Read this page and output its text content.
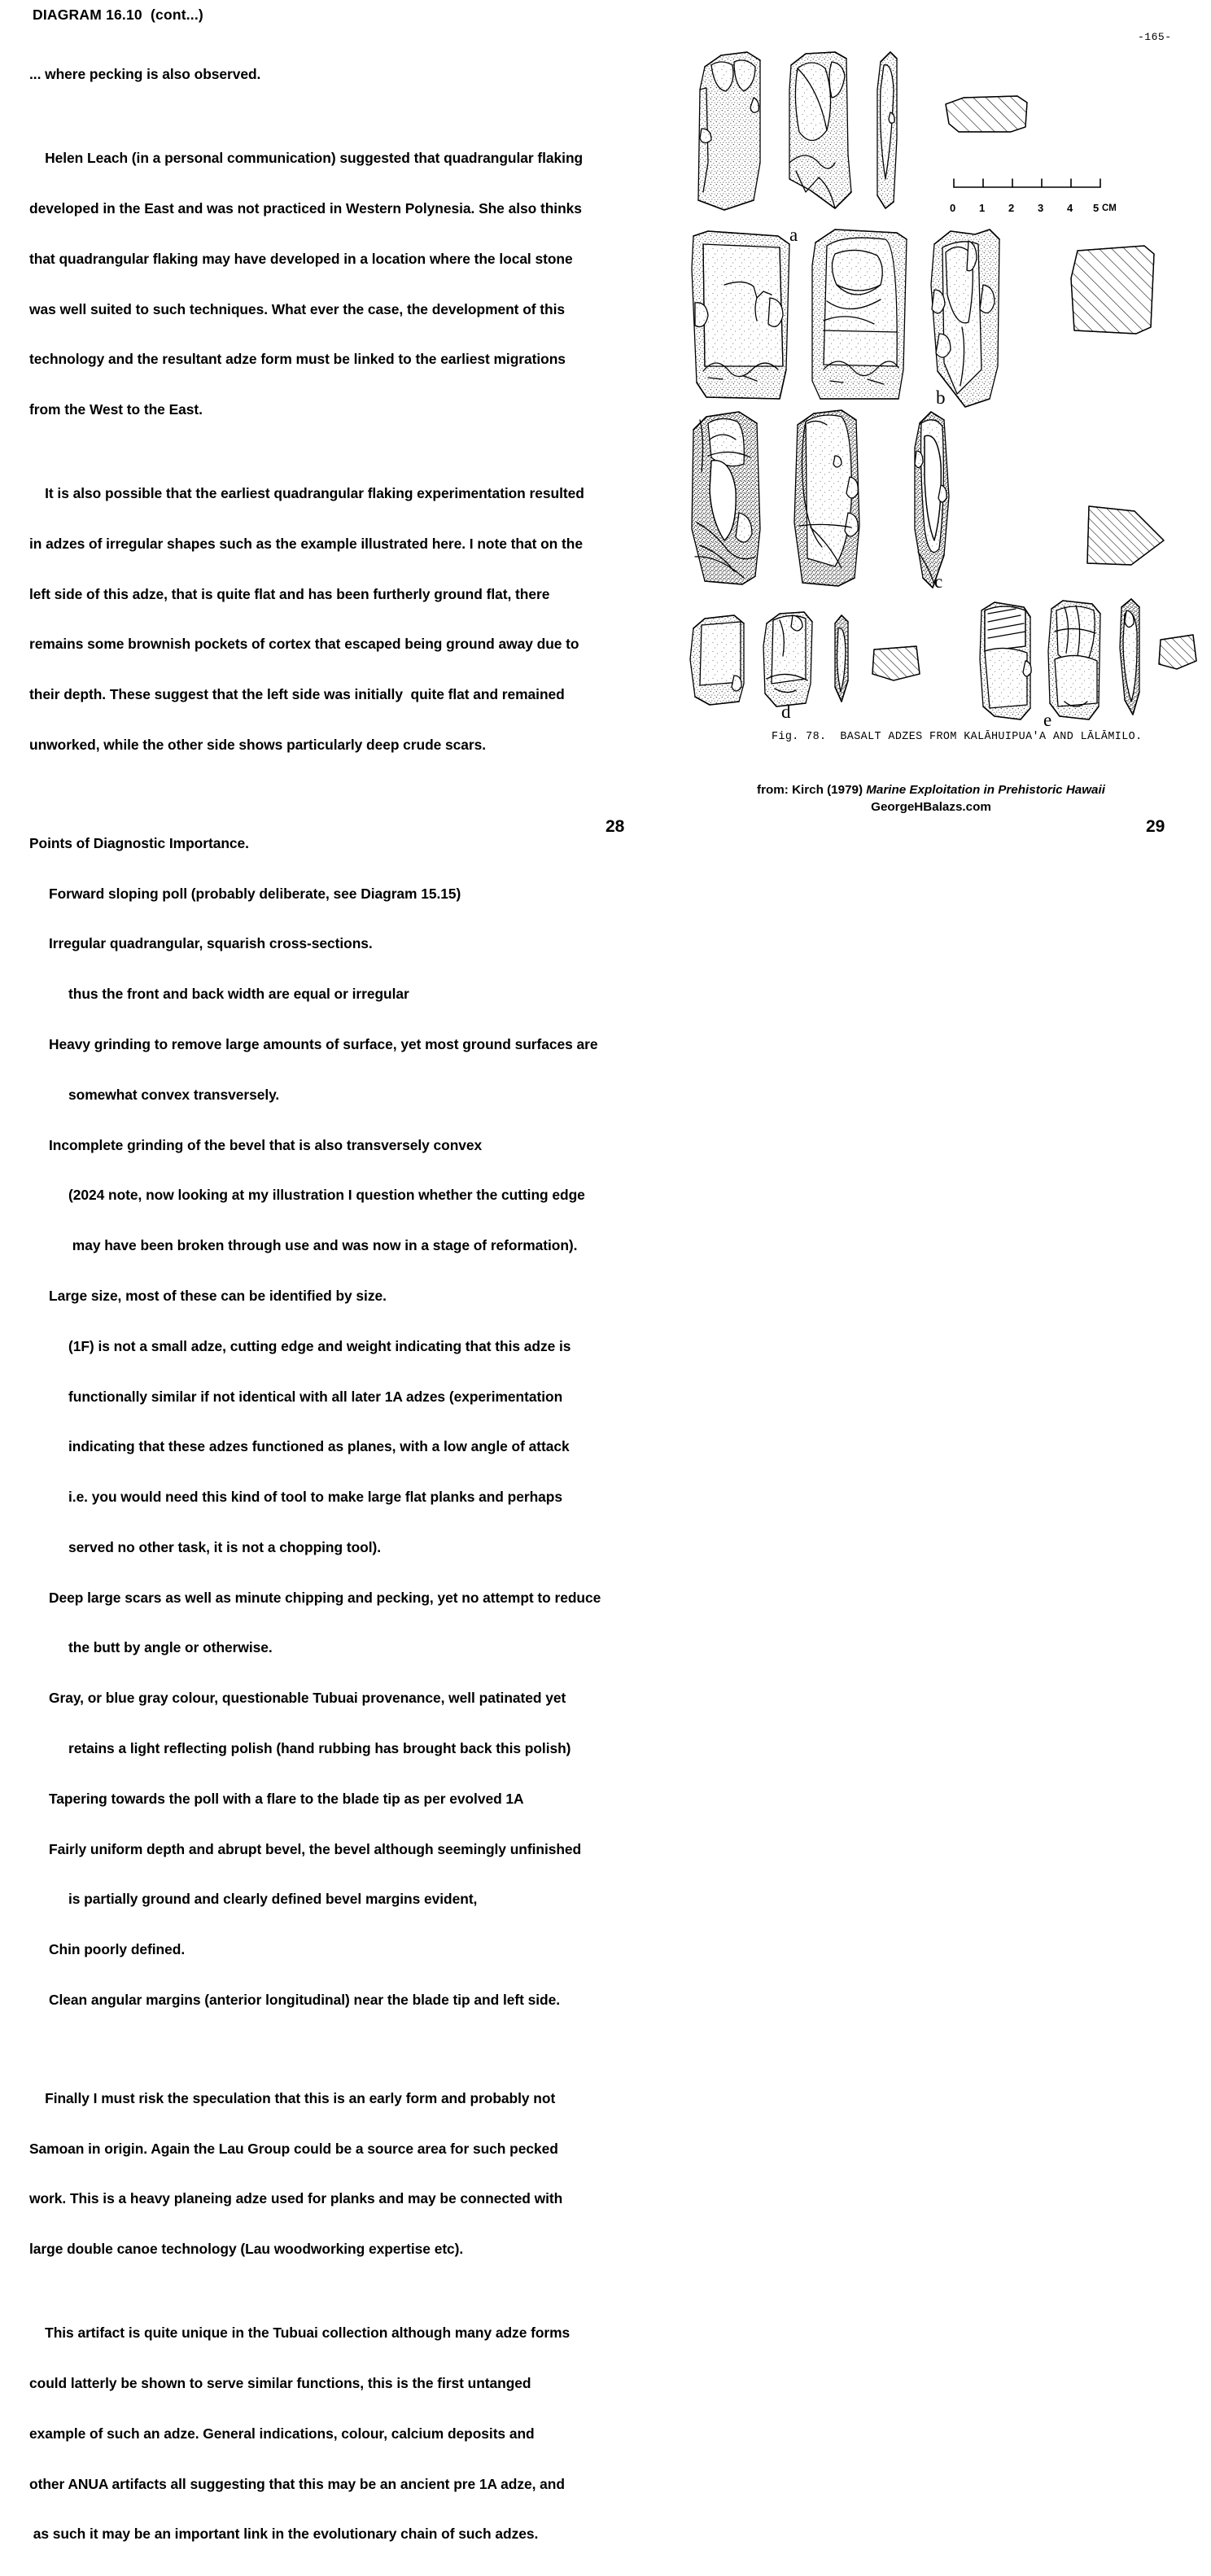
DIAGRAM 16.10  (cont...)

... where pecking is also observed.

Helen Leach (in a personal communication) suggested that quadrangular flaking

developed in the East and was not practiced in Western Polynesia. She also thinks

that quadrangular flaking may have developed in a location where the local stone

was well suited to such techniques. What ever the case, the development of this

technology and the resultant adze form must be linked to the earliest migrations

from the West to the East.

It is also possible that the earliest quadrangular flaking experimentation resulted

in adzes of irregular shapes such as the example illustrated here. I note that on the

left side of this adze, that is quite flat and has been furtherly ground flat, there

remains some brownish pockets of cortex that escaped being ground away due to

their depth. These suggest that the left side was initially  quite flat and remained

unworked, while the other side shows particularly deep crude scars.

Points of Diagnostic Importance.

Forward sloping poll (probably deliberate, see Diagram 15.15)

Irregular quadrangular, squarish cross-sections.

thus the front and back width are equal or irregular

Heavy grinding to remove large amounts of surface, yet most ground surfaces are

somewhat convex transversely.

Incomplete grinding of the bevel that is also transversely convex

(2024 note, now looking at my illustration I question whether the cutting edge

may have been broken through use and was now in a stage of reformation).

Large size, most of these can be identified by size.

(1F) is not a small adze, cutting edge and weight indicating that this adze is

functionally similar if not identical with all later 1A adzes (experimentation

indicating that these adzes functioned as planes, with a low angle of attack

i.e. you would need this kind of tool to make large flat planks and perhaps

served no other task, it is not a chopping tool).

Deep large scars as well as minute chipping and pecking, yet no attempt to reduce

the butt by angle or otherwise.

Gray, or blue gray colour, questionable Tubuai provenance, well patinated yet

retains a light reflecting polish (hand rubbing has brought back this polish)

Tapering towards the poll with a flare to the blade tip as per evolved 1A

Fairly uniform depth and abrupt bevel, the bevel although seemingly unfinished

is partially ground and clearly defined bevel margins evident,

Chin poorly defined.

Clean angular margins (anterior longitudinal) near the blade tip and left side.

Finally I must risk the speculation that this is an early form and probably not

Samoan in origin. Again the Lau Group could be a source area for such pecked

work. This is a heavy planeing adze used for planks and may be connected with

large double canoe technology (Lau woodworking expertise etc).

This artifact is quite unique in the Tubuai collection although many adze forms

could latterly be shown to serve similar functions, this is the first untanged

example of such an adze. General indications, colour, calcium deposits and

other ANUA artifacts all suggesting that this may be an ancient pre 1A adze, and

as such it may be an important link in the evolutionary chain of such adzes.

28
-165-
0 1 2 3 4 5 CM
a
b
c
d	e
Fig. 78.  BASALT ADZES FROM KALĀHUIPUA'A AND LĀLĀMILO.
from: Kirch (1979) Marine Exploitation in Prehistoric Hawaii
GeorgeHBalazs.com
29
